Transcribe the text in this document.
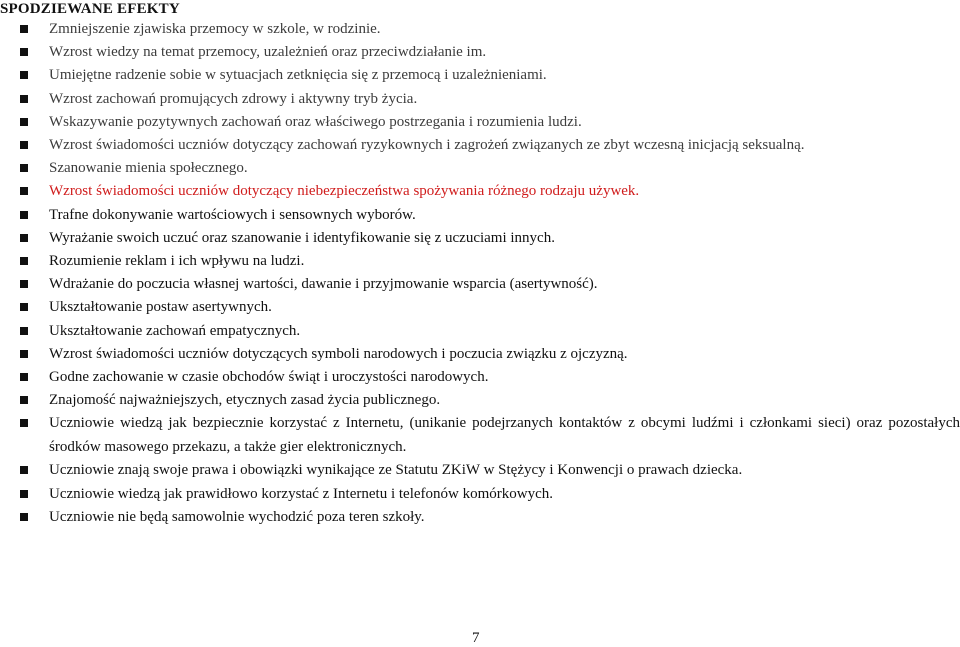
SPODZIEWANE EFEKTY
Zmniejszenie zjawiska przemocy w szkole, w rodzinie.
Wzrost wiedzy na temat przemocy, uzależnień oraz przeciwdziałanie im.
Umiejętne radzenie sobie w sytuacjach zetknięcia się z przemocą i uzależnieniami.
Wzrost zachowań promujących zdrowy i aktywny tryb życia.
Wskazywanie pozytywnych zachowań oraz właściwego postrzegania i rozumienia ludzi.
Wzrost świadomości uczniów dotyczący zachowań ryzykownych i zagrożeń związanych ze zbyt wczesną inicjacją seksualną.
Szanowanie mienia społecznego.
Wzrost świadomości uczniów dotyczący niebezpieczeństwa spożywania różnego rodzaju używek.
Trafne dokonywanie wartościowych i sensownych wyborów.
Wyrażanie swoich uczuć oraz szanowanie i identyfikowanie się z uczuciami innych.
Rozumienie reklam i ich wpływu na ludzi.
Wdrażanie do poczucia własnej wartości, dawanie i przyjmowanie wsparcia (asertywność).
Ukształtowanie postaw asertywnych.
Ukształtowanie zachowań empatycznych.
Wzrost świadomości uczniów dotyczących symboli narodowych i poczucia związku z ojczyzną.
Godne zachowanie w czasie obchodów świąt i uroczystości narodowych.
Znajomość najważniejszych, etycznych zasad życia publicznego.
Uczniowie wiedzą jak bezpiecznie korzystać z Internetu, (unikanie podejrzanych kontaktów z obcymi ludźmi i członkami sieci) oraz pozostałych środków masowego przekazu, a także gier elektronicznych.
Uczniowie znają swoje prawa i obowiązki wynikające ze Statutu ZKiW w Stężycy i Konwencji o prawach dziecka.
Uczniowie wiedzą jak prawidłowo korzystać z Internetu i telefonów komórkowych.
Uczniowie nie będą samowolnie wychodzić poza teren szkoły.
7
